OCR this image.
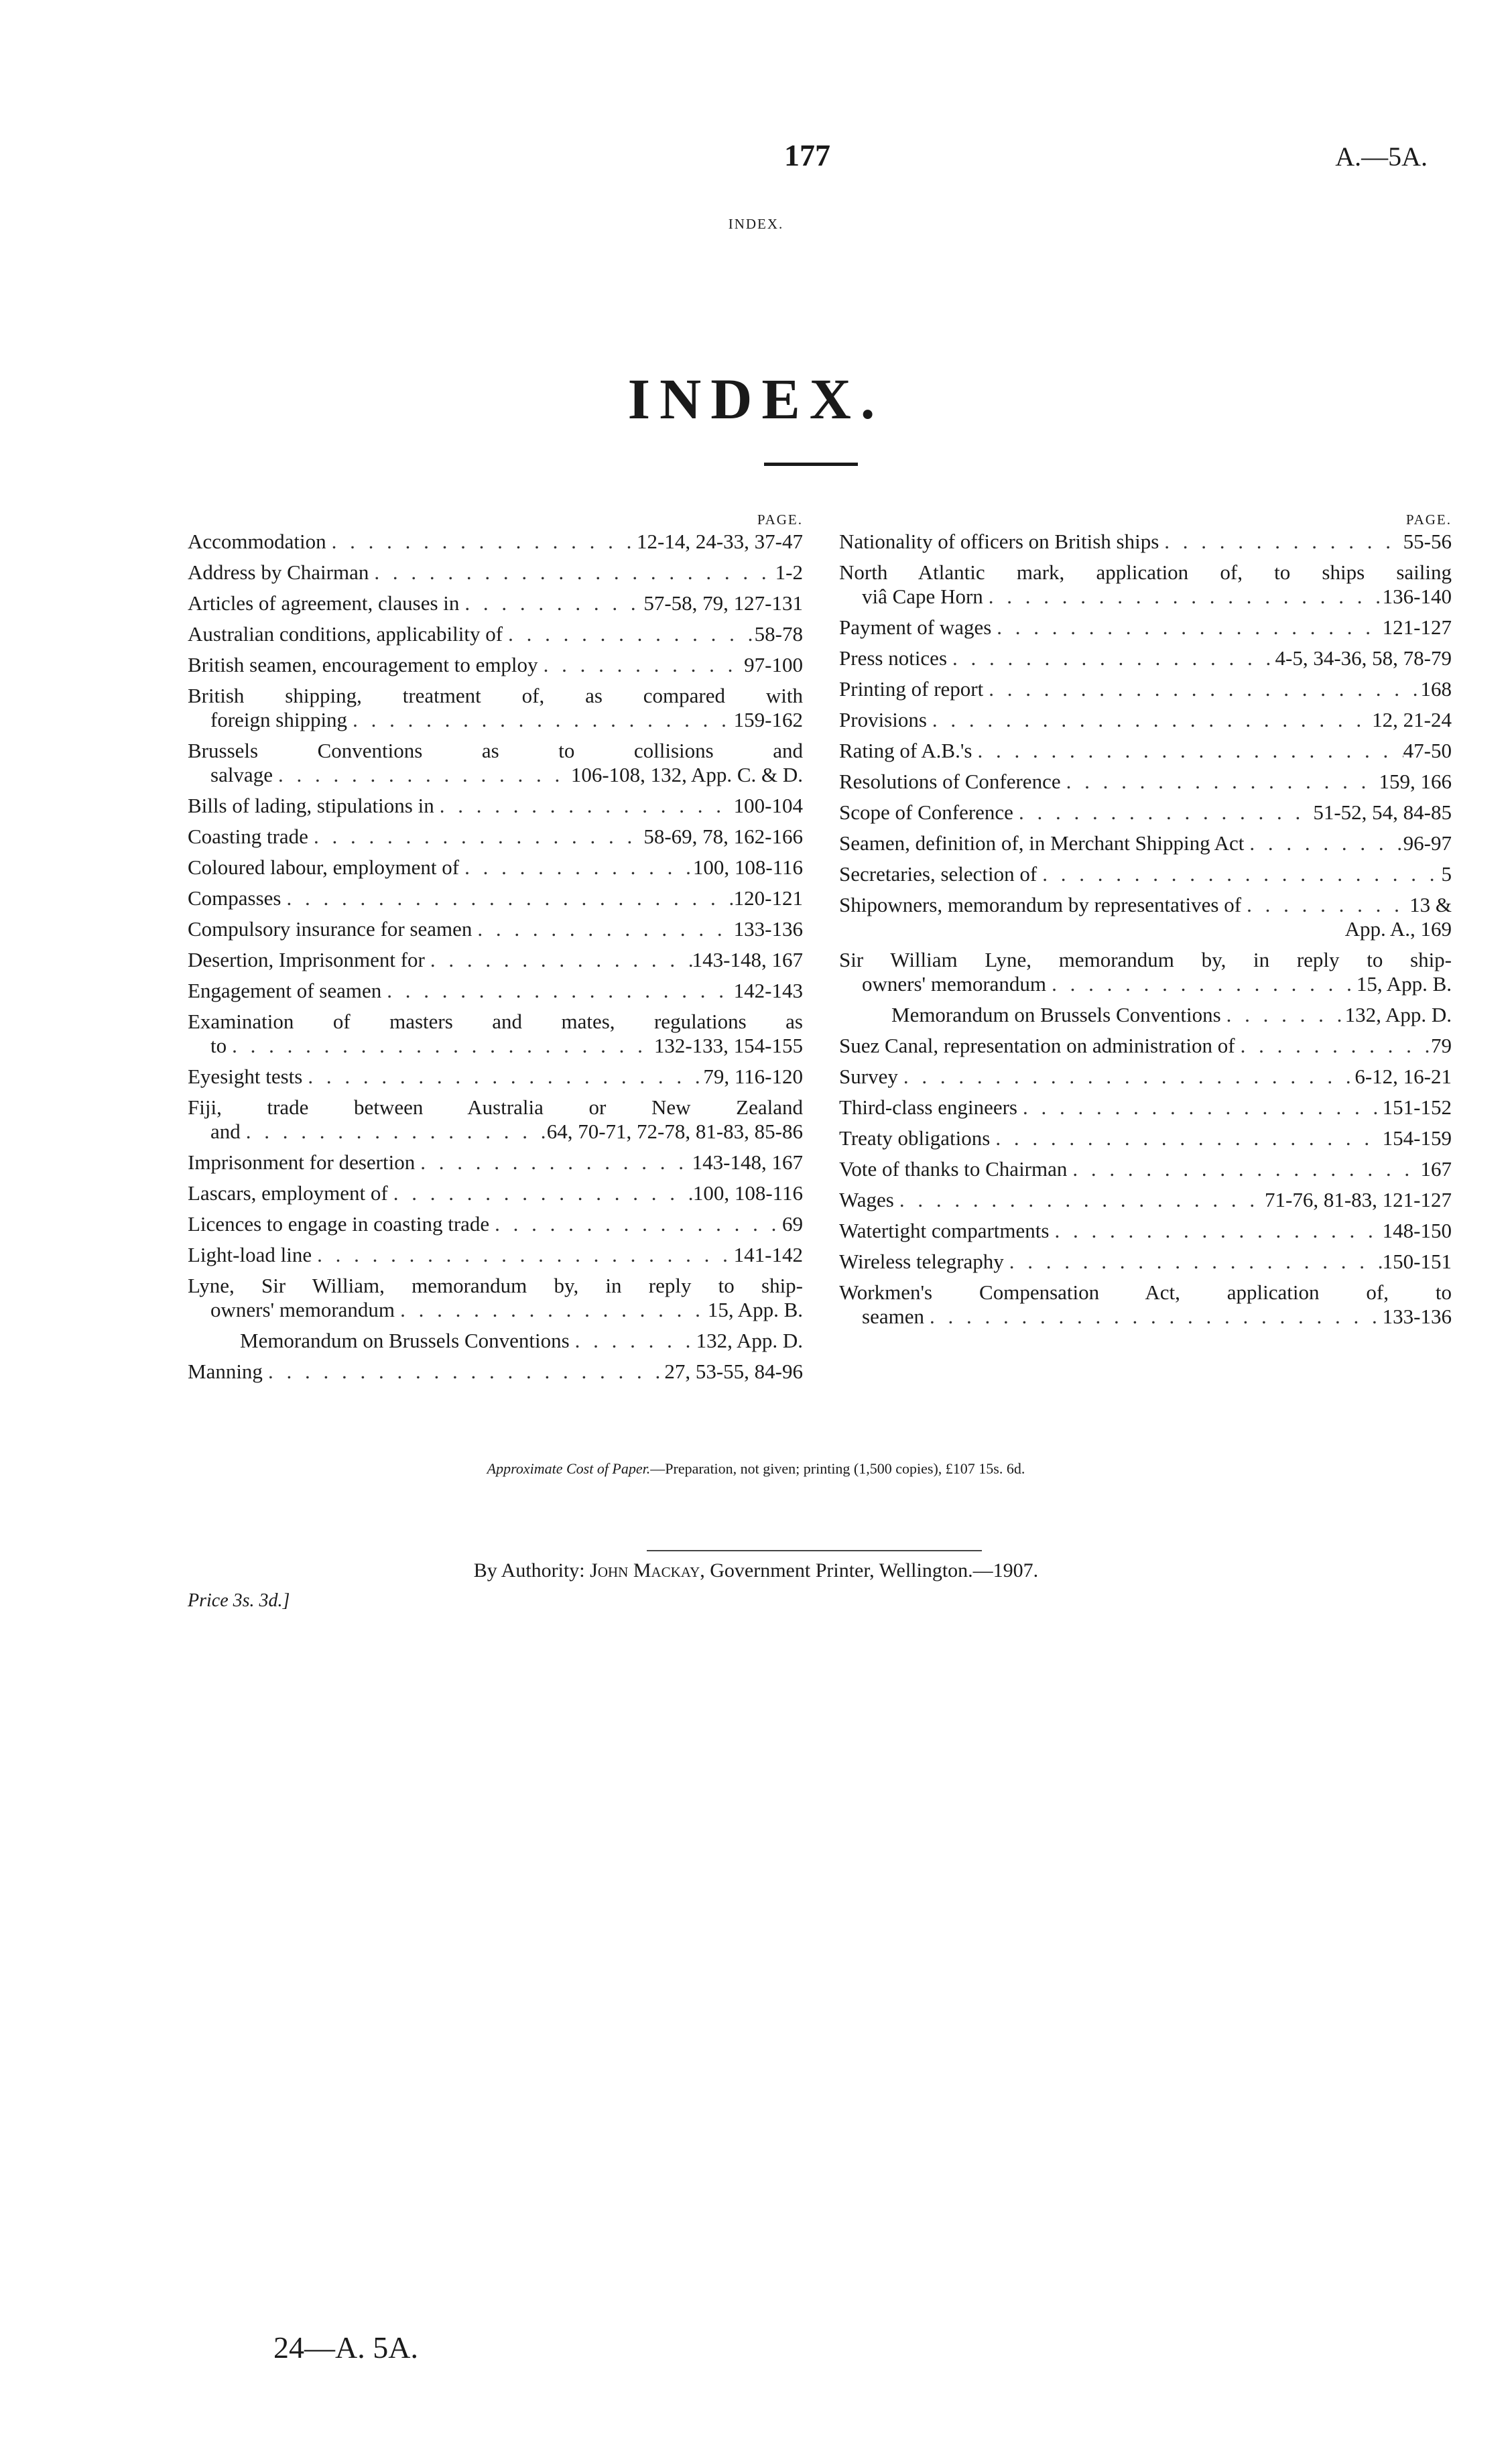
177	A.—5A.
INDEX.
INDEX.
PAGE.
Accommodation . . .	12-14, 24-33, 37-47
Address by Chairman . . .	1-2
Articles of agreement, clauses in . . .	57-58, 79, 127-131
Australian conditions, applicability of . . .	58-78
British seamen, encouragement to employ . . .	97-100
British shipping, treatment of, as compared with
foreign shipping . . .	159-162
Brussels Conventions as to collisions and
salvage . . .	106-108, 132, App. C. & D.
Bills of lading, stipulations in . . .	100-104
Coasting trade . . .	58-69, 78, 162-166
Coloured labour, employment of . . .	100, 108-116
Compasses . . .	120-121
Compulsory insurance for seamen . . .	133-136
Desertion, Imprisonment for . . .	143-148, 167
Engagement of seamen . . .	142-143
Examination of masters and mates, regulations as
to . . .	132-133, 154-155
Eyesight tests . . .	79, 116-120
Fiji, trade between Australia or New Zealand
and . . .	64, 70-71, 72-78, 81-83, 85-86
Imprisonment for desertion . . .	143-148, 167
Lascars, employment of . . .	100, 108-116
Licences to engage in coasting trade . . .	69
Light-load line . . .	141-142
Lyne, Sir William, memorandum by, in reply to ship-
owners' memorandum . . .	15, App. B.
Memorandum on Brussels Conventions . . .	132, App. D.
Manning . . .	27, 53-55, 84-96
PAGE.
Nationality of officers on British ships . . .	55-56
North Atlantic mark, application of, to ships sailing
viâ Cape Horn . . .	136-140
Payment of wages . . .	121-127
Press notices . . .	4-5, 34-36, 58, 78-79
Printing of report . . .	168
Provisions . . .	12, 21-24
Rating of A.B.'s . . .	47-50
Resolutions of Conference . . .	159, 166
Scope of Conference . . .	51-52, 54, 84-85
Seamen, definition of, in Merchant Shipping Act . . .	96-97
Secretaries, selection of . . .	5
Shipowners, memorandum by representatives of . . .	13 &
App. A., 169
Sir William Lyne, memorandum by, in reply to ship-
owners' memorandum . . .	15, App. B.
Memorandum on Brussels Conventions . . .	132, App. D.
Suez Canal, representation on administration of . . .	79
Survey . . .	6-12, 16-21
Third-class engineers . . .	151-152
Treaty obligations . . .	154-159
Vote of thanks to Chairman . . .	167
Wages . . .	71-76, 81-83, 121-127
Watertight compartments . . .	148-150
Wireless telegraphy . . .	150-151
Workmen's Compensation Act, application of, to
seamen . . .	133-136
Approximate Cost of Paper.—Preparation, not given; printing (1,500 copies), £107 15s. 6d.
By Authority: John Mackay, Government Printer, Wellington.—1907.
Price 3s. 3d.]
24—A. 5A.
